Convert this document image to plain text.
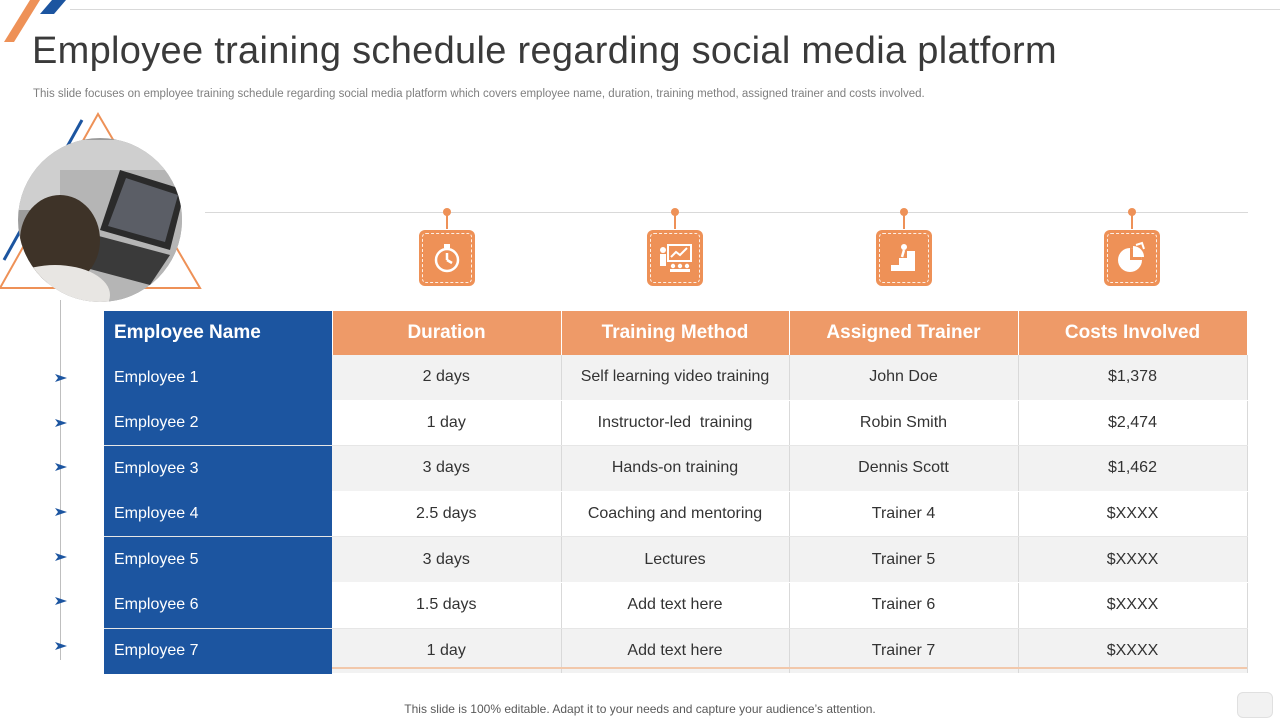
Employee training schedule regarding social media platform
This slide focuses on employee training schedule regarding social media platform which covers employee name, duration, training method, assigned trainer and costs involved.
Employee Name	Duration	Training Method	Assigned Trainer	Costs Involved
Employee 1	2 days	Self learning video training	John Doe	$1,378
Employee 2	1 day	Instructor-led  training	Robin Smith	$2,474
Employee 3	3 days	Hands-on training	Dennis Scott	$1,462
Employee 4	2.5 days	Coaching and mentoring	Trainer 4	$XXXX
Employee 5	3 days	Lectures	Trainer 5	$XXXX
Employee 6	1.5 days	Add text here	Trainer 6	$XXXX
Employee 7	1 day	Add text here	Trainer 7	$XXXX
This slide is 100% editable. Adapt it to your needs and capture your audience’s attention.
